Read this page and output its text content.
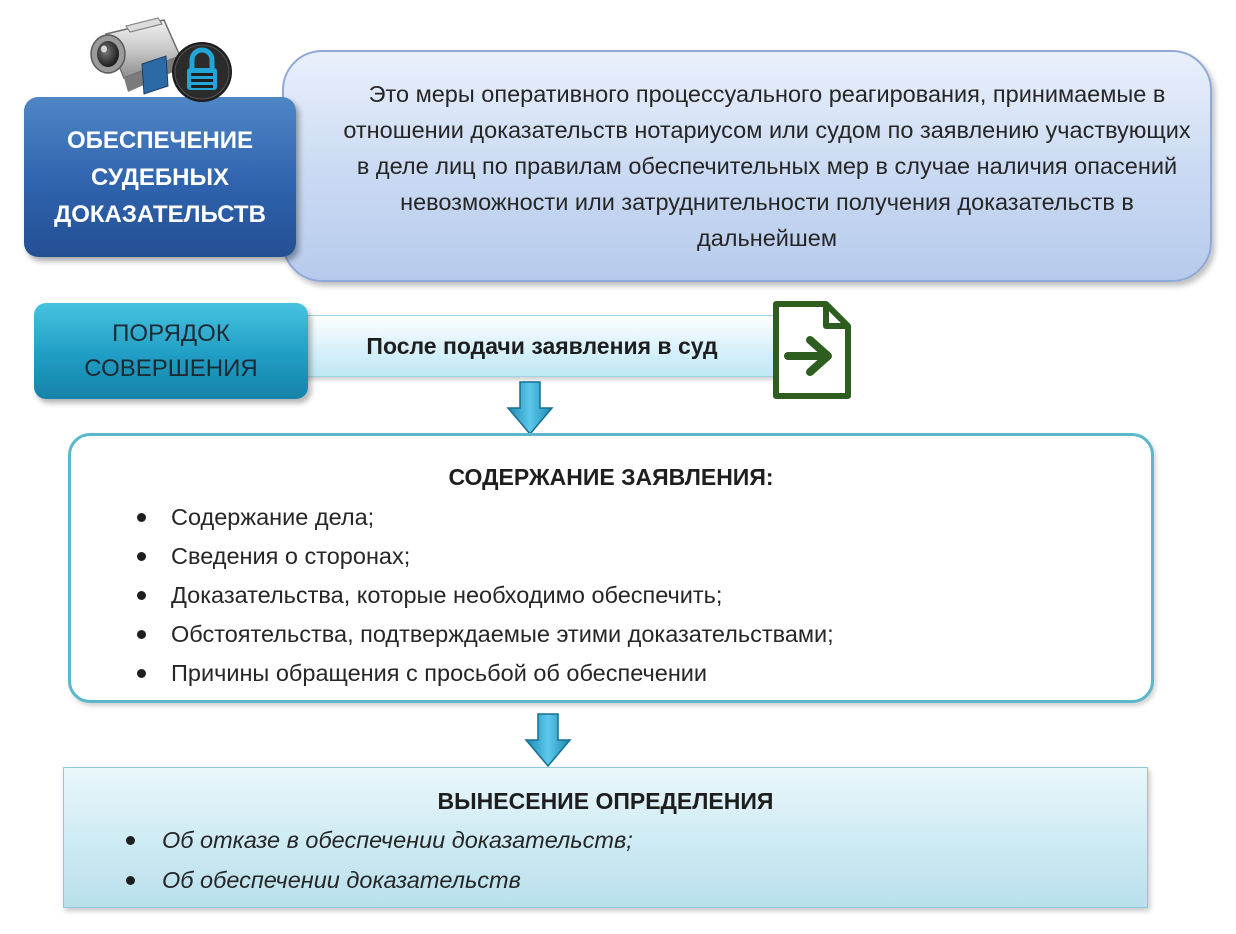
Это меры оперативного процессуального реагирования, принимаемые в отношении доказательств нотариусом или судом по заявлению участвующих в деле лиц по правилам обеспечительных мер в случае наличия опасений невозможности или затруднительности получения доказательств в дальнейшем

ОБЕСПЕЧЕНИЕ
СУДЕБНЫХ
ДОКАЗАТЕЛЬСТВ
После подачи заявления в суд
ПОРЯДОК
СОВЕРШЕНИЯ
СОДЕРЖАНИЕ ЗАЯВЛЕНИЯ:
Содержание дела;
Сведения о сторонах;
Доказательства, которые необходимо обеспечить;
Обстоятельства, подтверждаемые этими доказательствами;
Причины обращения с просьбой об обеспечении
ВЫНЕСЕНИЕ ОПРЕДЕЛЕНИЯ
Об отказе в обеспечении доказательств;
Об обеспечении доказательств
